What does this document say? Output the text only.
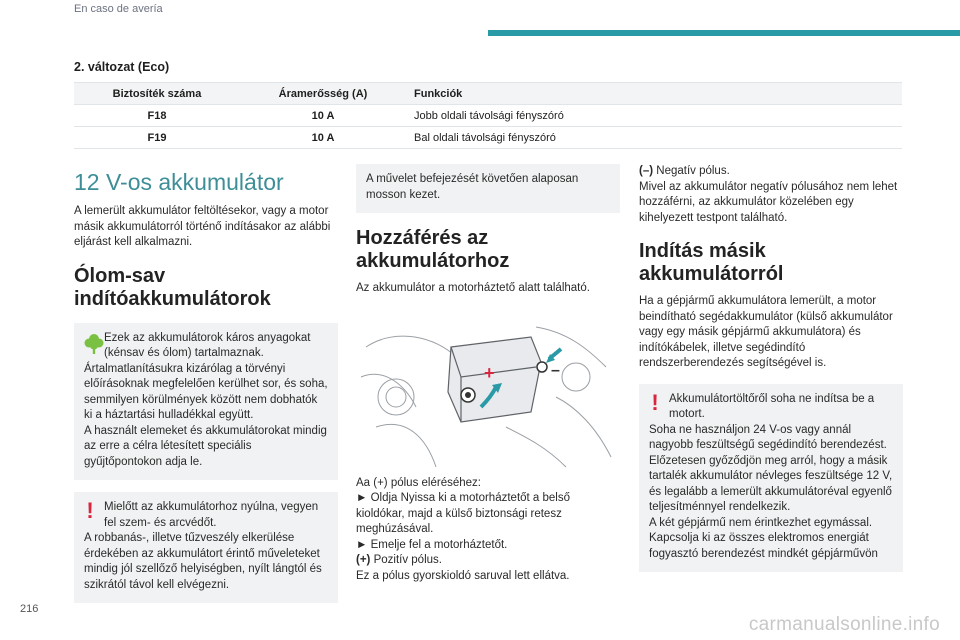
En caso de avería
2. változat (Eco)
Biztosíték száma	Áramerősség (A)	Funkciók
F18	10 A	Jobb oldali távolsági fényszóró
F19	10 A	Bal oldali távolsági fényszóró
12 V-os akkumulátor
A lemerült akkumulátor feltöltésekor, vagy a motor másik akkumulátorról történő indításakor az alábbi eljárást kell alkalmazni.
Ólom-sav indítóakkumulátorok
Ezek az akkumulátorok káros anyagokat (kénsav és ólom) tartalmaznak.
Ártalmatlanításukra kizárólag a törvényi előírásoknak megfelelően kerülhet sor, és soha, semmilyen körülmények között nem dobhatók ki a háztartási hulladékkal együtt.
A használt elemeket és akkumulátorokat mindig az erre a célra létesített speciális gyűjtőpontokon adja le.
! Mielőtt az akkumulátorhoz nyúlna, vegyen fel szem- és arcvédőt.
A robbanás-, illetve tűzveszély elkerülése érdekében az akkumulátort érintő műveleteket mindig jól szellőző helyiségben, nyílt lángtól és szikrától távol kell elvégezni.
A művelet befejezését követően alaposan mosson kezet.
Hozzáférés az akkumulátorhoz
Az akkumulátor a motorháztető alatt található.
+	–
Aa (+) pólus eléréséhez:
► Oldja Nyissa ki a motorháztetőt a belső kioldókar, majd a külső biztonsági retesz meghúzásával.
► Emelje fel a motorháztetőt.
(+) Pozitív pólus.
Ez a pólus gyorskioldó saruval lett ellátva.
(–) Negatív pólus.
Mivel az akkumulátor negatív pólusához nem lehet hozzáférni, az akkumulátor közelében egy kihelyezett testpont található.
Indítás másik akkumulátorról
Ha a gépjármű akkumulátora lemerült, a motor beindítható segédakkumulátor (külső akkumulátor vagy egy másik gépjármű akkumulátora) és indítókábelek, illetve segédindító rendszerberendezés segítségével is.
! Akkumulátortöltőről soha ne indítsa be a motort.
Soha ne használjon 24 V-os vagy annál nagyobb feszültségű segédindító berendezést.
Előzetesen győződjön meg arról, hogy a másik tartalék akkumulátor névleges feszültsége 12 V, és legalább a lemerült akkumulátoréval egyenlő teljesítménnyel rendelkezik.
A két gépjármű nem érintkezhet egymással.
Kapcsolja ki az összes elektromos energiát fogyasztó berendezést mindkét gépjárművön
216
carmanualsonline.info
